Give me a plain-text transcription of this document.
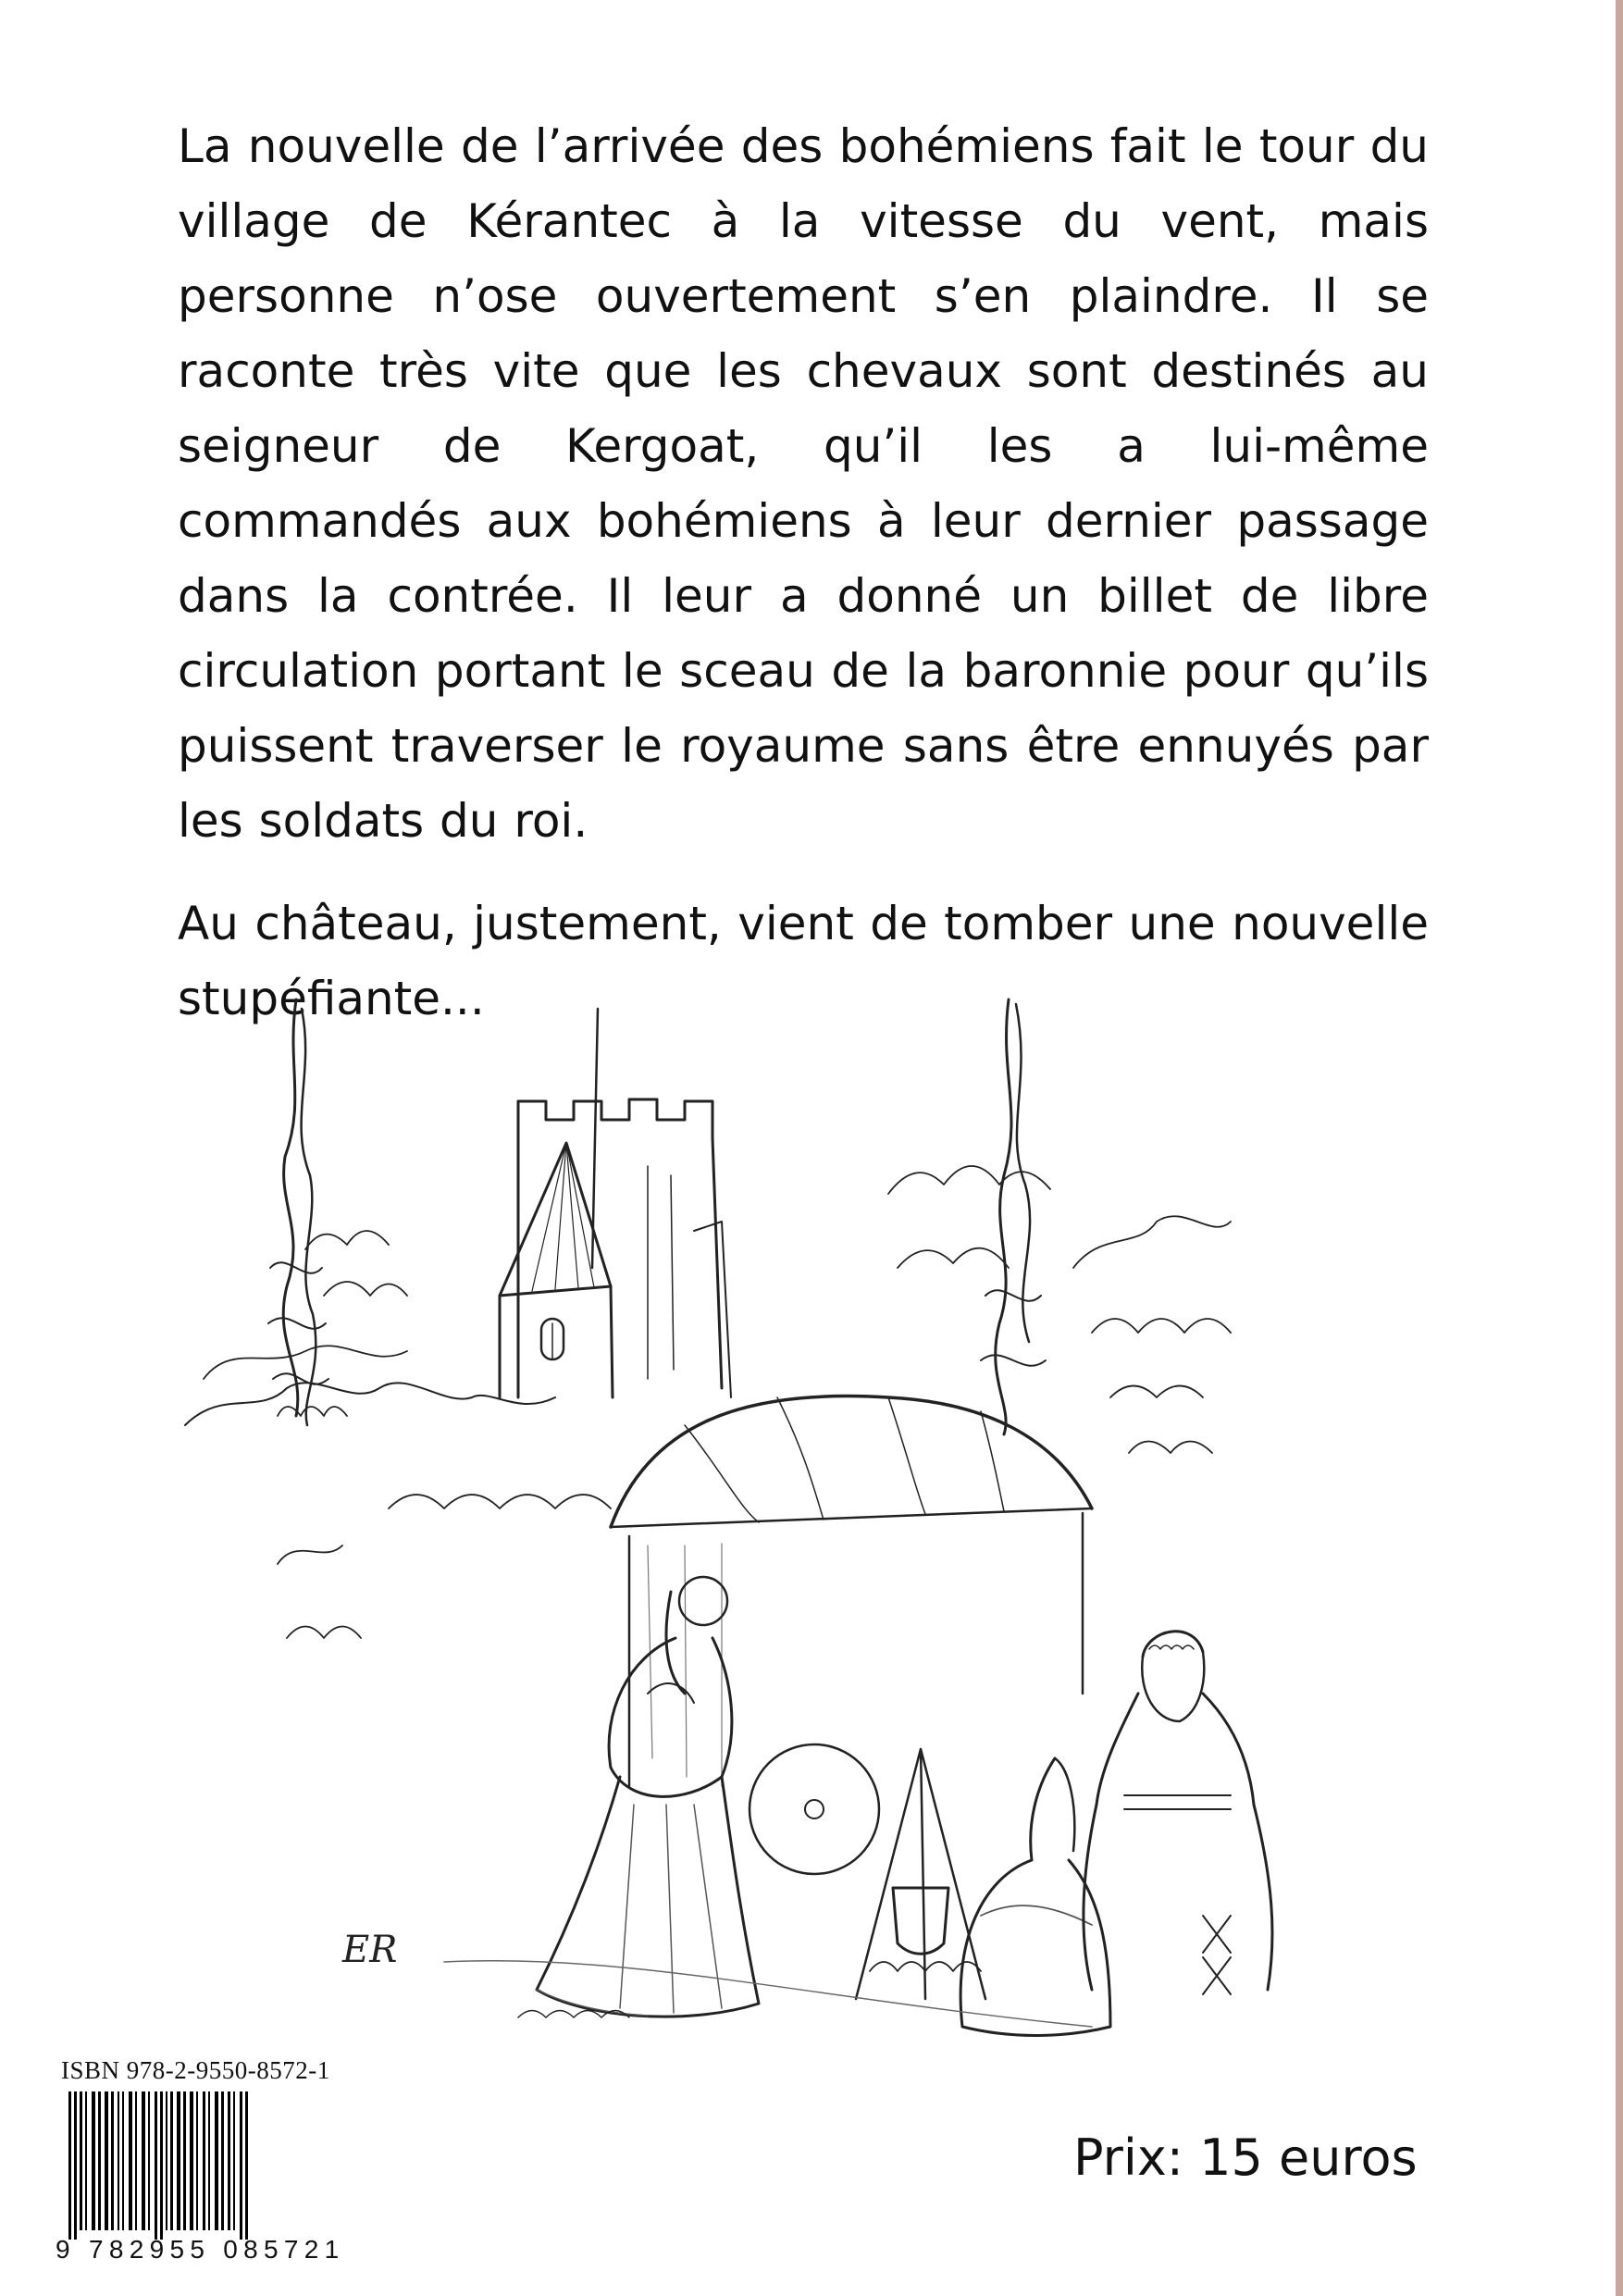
La nouvelle de l’arrivée des bohémiens fait le tour du village de Kérantec à la vitesse du vent, mais personne n’ose ouvertement s’en plaindre. Il se raconte très vite que les chevaux sont destinés au seigneur de Kergoat, qu’il les a lui-même commandés aux bohémiens à leur dernier passage dans la contrée. Il leur a donné un billet de libre circulation portant le sceau de la baronnie pour qu’ils puissent traverser le royaume sans être ennuyés par les soldats du roi.

Au château, justement, vient de tomber une nouvelle stupéfiante...

ER
ISBN 978-2-9550-8572-1
9 782955 085721
Prix: 15 euros
